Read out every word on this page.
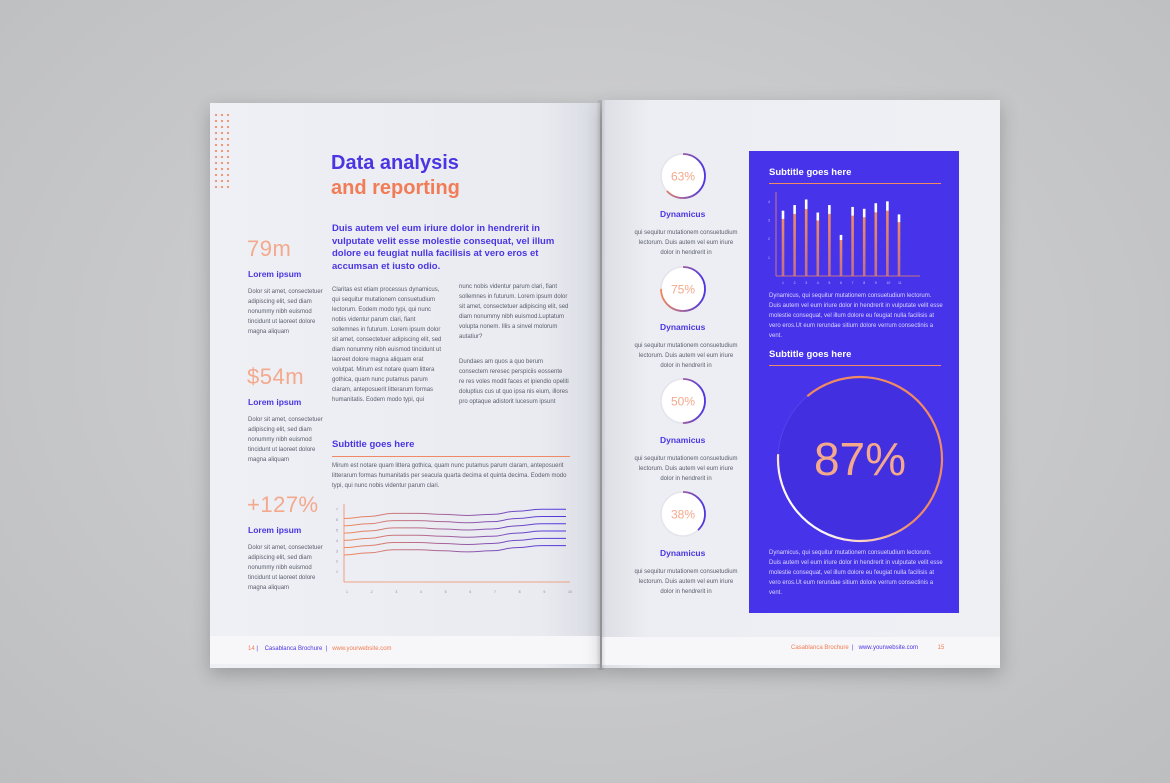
Data analysis
and reporting

Duis autem vel eum iriure dolor in hendrerit in vulputate velit esse molestie consequat, vel illum dolore eu feugiat nulla facilisis at vero eros et accumsan et iusto odio.

79m

Lorem ipsum

Dolor sit amet, consectetuer adipiscing elit, sed diam nonummy nibh euismod tincidunt ut laoreet dolore magna aliquam

$54m

Lorem ipsum

Dolor sit amet, consectetuer adipiscing elit, sed diam nonummy nibh euismod tincidunt ut laoreet dolore magna aliquam

+127%

Lorem ipsum

Dolor sit amet, consectetuer adipiscing elit, sed diam nonummy nibh euismod tincidunt ut laoreet dolore magna aliquam

Claritas est etiam processus dynamicus, qui sequitur mutationem consuetudium lectorum. Eodem modo typi, qui nunc nobis videntur parum clari, fiant sollemnes in futurum. Lorem ipsum dolor sit amet, consectetuer adipiscing elit, sed diam nonummy nibh euismod tincidunt ut laoreet dolore magna aliquam erat volutpat. Mirum est notare quam littera gothica, quam nunc putamus parum claram, anteposuerit litterarum formas humanitatis. Eodem modo typi, qui

nunc nobis videntur parum clari, fiant sollemnes in futurum. Lorem ipsum dolor sit amet, consectetuer adipiscing elit, sed diam nonummy nibh euismod.Luptatum volupta nonem. Illis a sinvel molorum autatiur?

Dundaes am quos a quo berum consectem reresec perspiciis eossente re res voles modit faces et ipiendio opeliti doluptius cus ut quo ipsa nis eium, illores pro optaque adistorit lucesum ipsunt

Subtitle goes here

Mirum est notare quam littera gothica, quam nunc putamus parum claram, anteposuerit litterarum formas humanitatis per seacula quarta decima et quinta decima. Eodem modo typi, qui nunc nobis videntur parum clari.

1
2
3
4
5
6
7
1	2	3	4	5	6	7	8	9	10

14 |    Casablanca Brochure  |   www.yourwebsite.com

63%

Dynamicus

qui sequitur mutationem consuetudium lectorum. Duis autem vel eum iriure dolor in hendrerit in

75%

Dynamicus

qui sequitur mutationem consuetudium lectorum. Duis autem vel eum iriure dolor in hendrerit in

50%

Dynamicus

qui sequitur mutationem consuetudium lectorum. Duis autem vel eum iriure dolor in hendrerit in

38%

Dynamicus

qui sequitur mutationem consuetudium lectorum. Duis autem vel eum iriure dolor in hendrerit in

Subtitle goes here

1
2
3
4
1	2	3	4	5	6	7	8	9	10 11

Dynamicus, qui sequitur mutationem consuetudium lectorum. Duis autem vel eum iriure dolor in hendrerit in vulputate velit esse molestie consequat, vel illum dolore eu feugiat nulla facilisis at vero eros.Ut eum rerundae sitium dolore verrum consectinis a vent.

Subtitle goes here

87%

Dynamicus, qui sequitur mutationem consuetudium lectorum. Duis autem vel eum iriure dolor in hendrerit in vulputate velit esse molestie consequat, vel illum dolore eu feugiat nulla facilisis at vero eros.Ut eum rerundae sitium dolore verrum consectinis a vent.

Casablanca Brochure  |   www.yourwebsite.com	15
